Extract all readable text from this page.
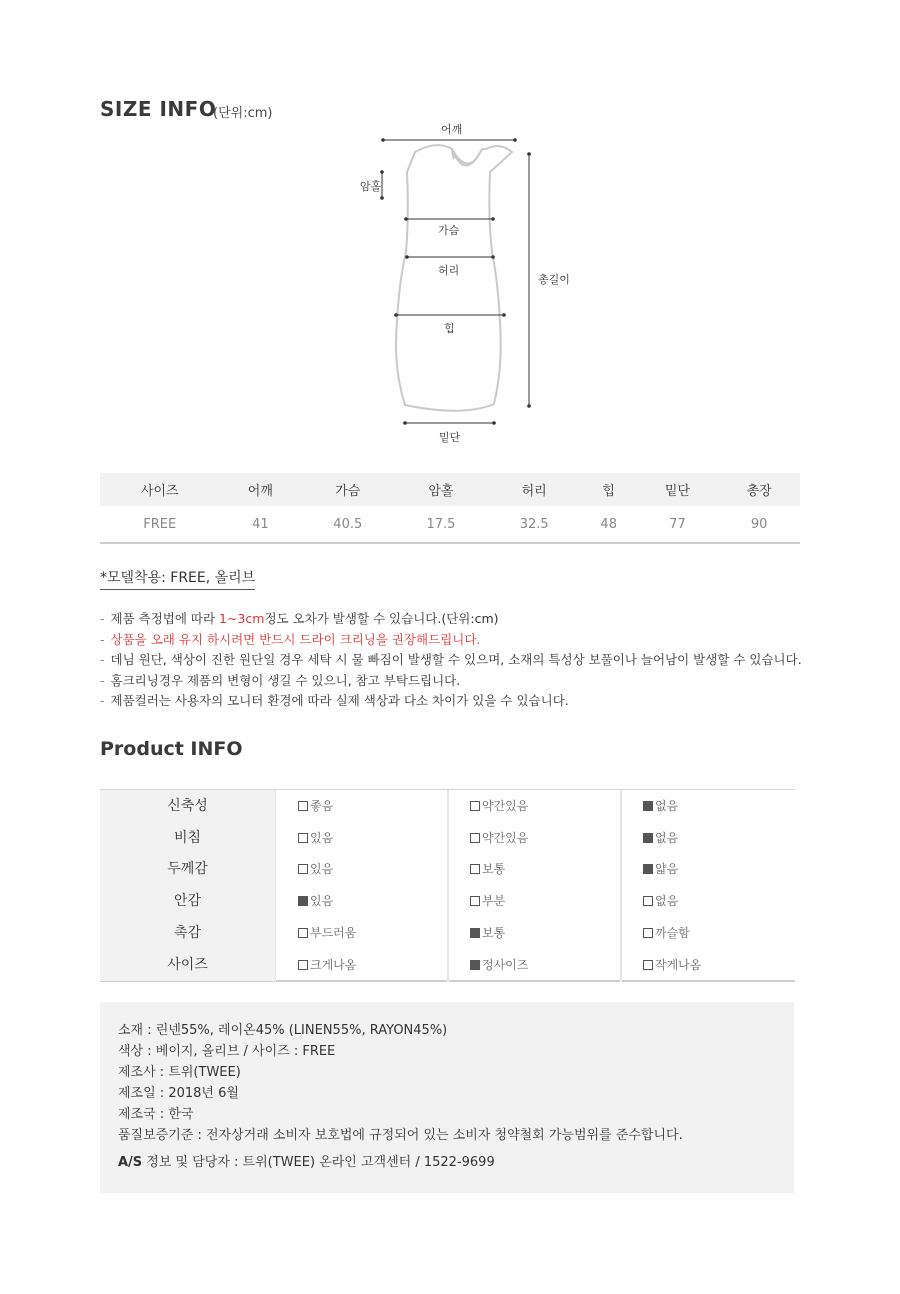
SIZE INFO
(단위:cm)
어깨
암홀
가슴
허리
힙
총길이
밑단
사이즈	어깨	가슴	암홀	허리	힙	밑단	총장
FREE	41	40.5	17.5	32.5	48	77	90
*모델착용: FREE, 올리브
- 제품 측정법에 따라 1~3cm정도 오차가 발생할 수 있습니다.(단위:cm)
- 상품을 오래 유지 하시려면 반드시 드라이 크리닝을 권장해드립니다.
- 데님 원단, 색상이 진한 원단일 경우 세탁 시 물 빠짐이 발생할 수 있으며, 소재의 특성상 보풀이나 늘어남이 발생할 수 있습니다.
- 홈크리닝경우 제품의 변형이 생길 수 있으니, 참고 부탁드립니다.
- 제품컬러는 사용자의 모니터 환경에 따라 실제 색상과 다소 차이가 있을 수 있습니다.
Product INFO
신축성	좋음	약간있음	없음
비침	있음	약간있음	없음
두께감	있음	보통	얇음
안감	있음	부분	없음
촉감	부드러움	보통	까슬함
사이즈	크게나옴	정사이즈	작게나옴
소재 : 린넨55%, 레이온45% (LINEN55%, RAYON45%)
색상 : 베이지, 올리브 / 사이즈 : FREE
제조사 : 트위(TWEE)
제조일 : 2018년 6월
제조국 : 한국
품질보증기준 : 전자상거래 소비자 보호법에 규정되어 있는 소비자 청약철회 가능범위를 준수합니다.
A/S 정보 및 담당자 : 트위(TWEE) 온라인 고객센터 / 1522-9699
